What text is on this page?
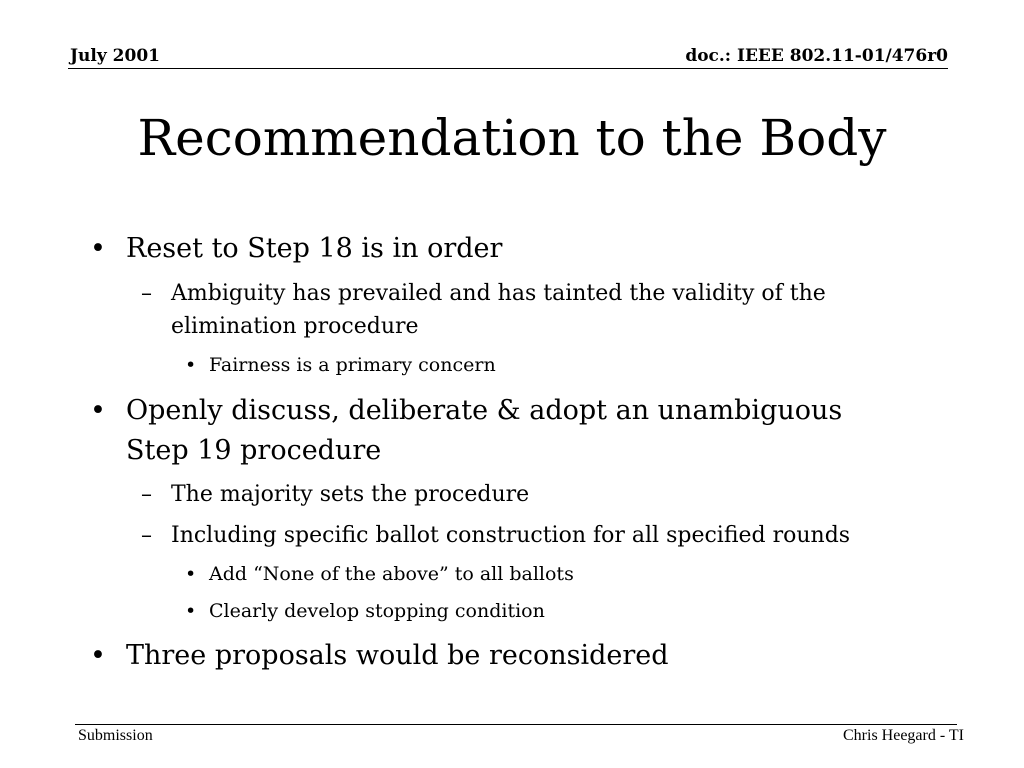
July 2001	doc.: IEEE 802.11-01/476r0
Recommendation to the Body
• Reset to Step 18 is in order
– Ambiguity has prevailed and has tainted the validity of the
elimination procedure
• Fairness is a primary concern
• Openly discuss, deliberate & adopt an unambiguous
Step 19 procedure
– The majority sets the procedure
– Including specific ballot construction for all specified rounds
• Add “None of the above” to all ballots
• Clearly develop stopping condition
• Three proposals would be reconsidered
Submission	Chris Heegard - TI
